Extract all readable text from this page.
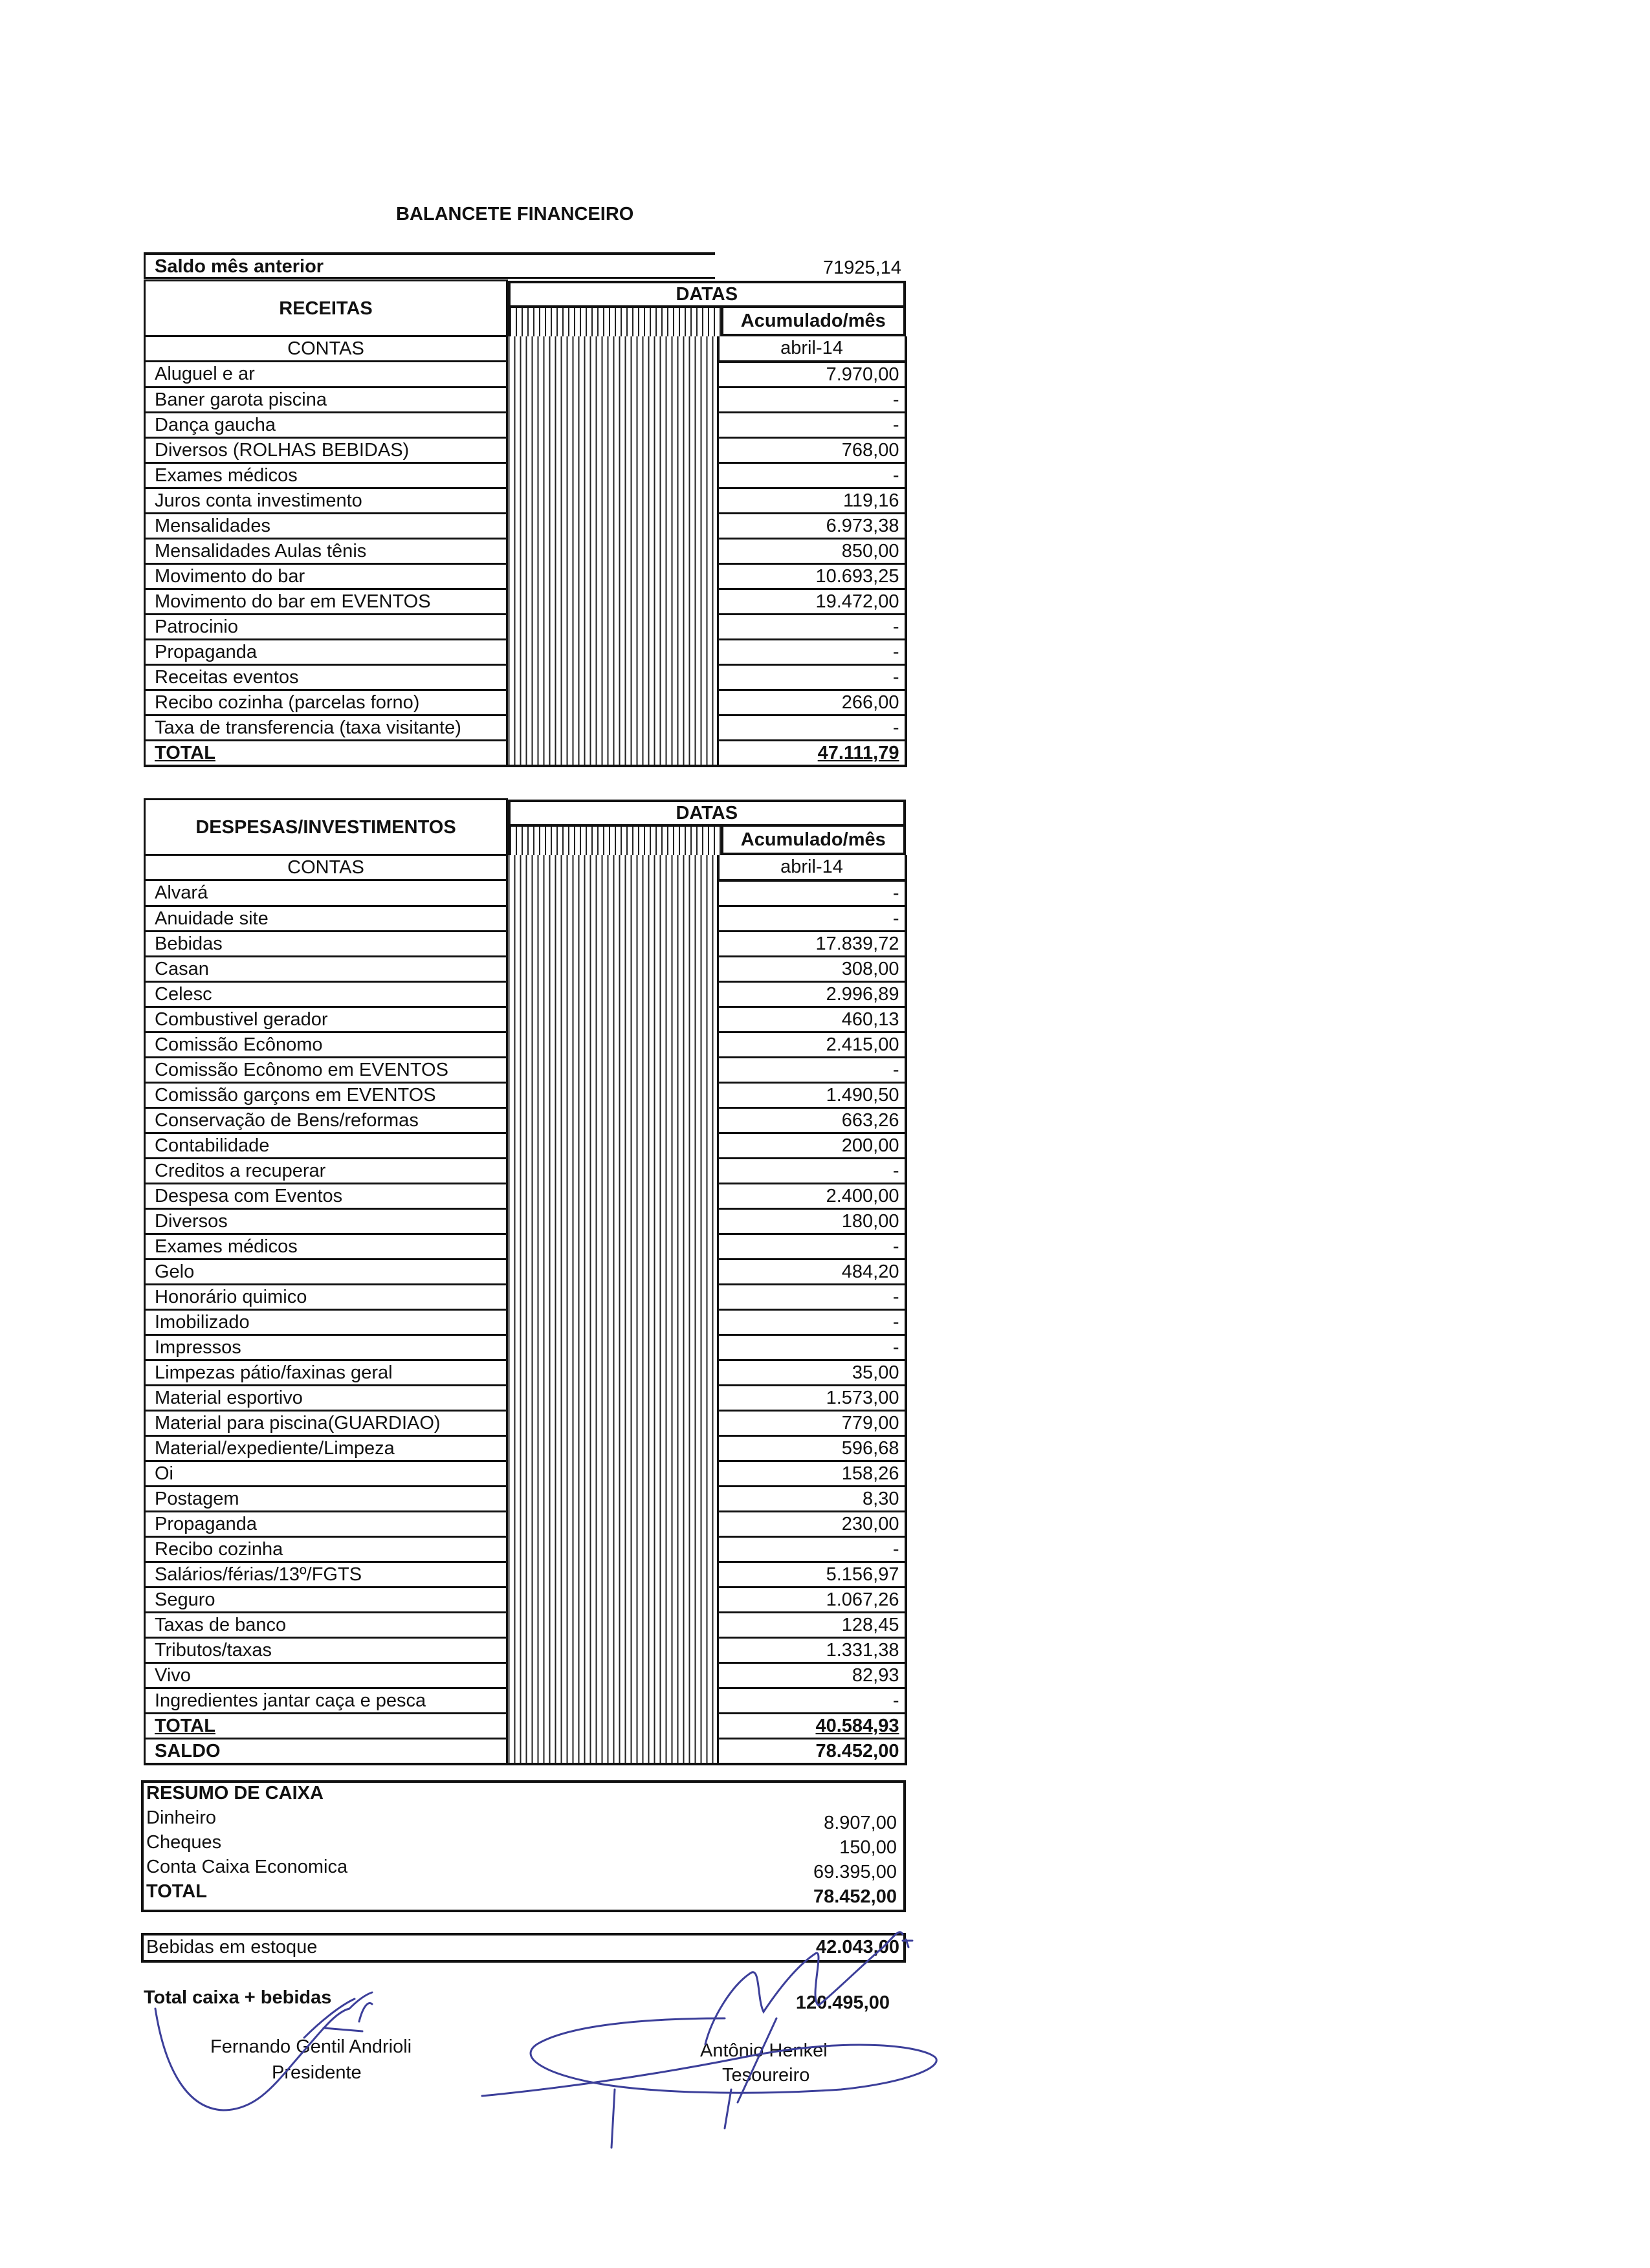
BALANCETE FINANCEIRO
Saldo mês anterior	71925,14
RECEITAS	DATAS
Acumulado/mês	

CONTAS		abril-14
Aluguel e ar		7.970,00
Baner garota piscina		-
Dança gaucha		-
Diversos (ROLHAS BEBIDAS)		768,00
Exames médicos		-
Juros conta investimento		119,16
Mensalidades		6.973,38
Mensalidades Aulas tênis		850,00
Movimento do bar		10.693,25
Movimento do bar em EVENTOS		19.472,00
Patrocinio		-
Propaganda		-
Receitas eventos		-
Recibo cozinha (parcelas forno)		266,00
Taxa de transferencia (taxa visitante)		-
TOTAL		47.111,79
DESPESAS/INVESTIMENTOS	DATAS
Acumulado/mês	

CONTAS		abril-14
Alvará		-
Anuidade site		-
Bebidas		17.839,72
Casan		308,00
Celesc		2.996,89
Combustivel gerador		460,13
Comissão Ecônomo		2.415,00
Comissão Ecônomo em EVENTOS		-
Comissão garçons em EVENTOS		1.490,50
Conservação de Bens/reformas		663,26
Contabilidade		200,00
Creditos a recuperar		-
Despesa com Eventos		2.400,00
Diversos		180,00
Exames médicos		-
Gelo		484,20
Honorário quimico		-
Imobilizado		-
Impressos		-
Limpezas pátio/faxinas geral		35,00
Material esportivo		1.573,00
Material para piscina(GUARDIAO)		779,00
Material/expediente/Limpeza		596,68
Oi		158,26
Postagem		8,30
Propaganda		230,00
Recibo cozinha		-
Salários/férias/13º/FGTS		5.156,97
Seguro		1.067,26
Taxas de banco		128,45
Tributos/taxas		1.331,38
Vivo		82,93
Ingredientes jantar caça e pesca		-
TOTAL		40.584,93
SALDO		78.452,00
RESUMO DE CAIXA
Dinheiro	8.907,00
Cheques	150,00
Conta Caixa Economica	69.395,00
TOTAL	78.452,00
Bebidas em estoque	42.043,00
Total caixa + bebidas	120.495,00
Fernando Gentil Andrioli
Presidente
Antônio Henkel
Tesoureiro
